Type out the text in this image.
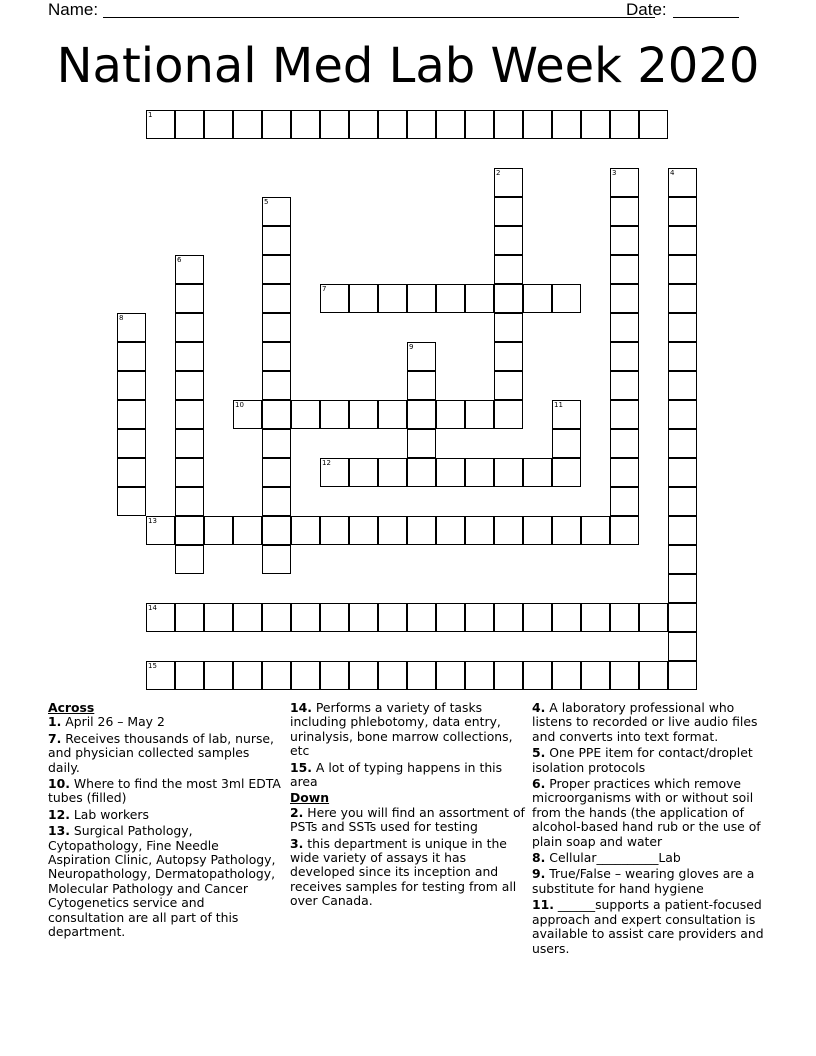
Name:	Date:
National Med Lab Week 2020
1
2	3	4
5
6
7
8
9
10	11
12
13
14
15

Across

1. April 26 – May 2

7. Receives thousands of lab, nurse, and physician collected samples daily.

10. Where to find the most 3ml EDTA tubes (filled)

12. Lab workers

13. Surgical Pathology, Cytopathology, Fine Needle Aspiration Clinic, Autopsy Pathology, Neuropathology, Dermatopathology, Molecular Pathology and Cancer Cytogenetics service and consultation are all part of this department.

14. Performs a variety of tasks including phlebotomy, data entry, urinalysis, bone marrow collections, etc

15. A lot of typing happens in this area

Down

2. Here you will find an assortment of PSTs and SSTs used for testing

3. this department is unique in the wide variety of assays it has developed since its inception and receives samples for testing from all over Canada.

4. A laboratory professional who listens to recorded or live audio files and converts into text format.

5. One PPE item for contact/droplet isolation protocols

6. Proper practices which remove microorganisms with or without soil from the hands (the application of alcohol-based hand rub or the use of plain soap and water

8. Cellular__________Lab

9. True/False – wearing gloves are a substitute for hand hygiene

11. ______supports a patient-focused approach and expert consultation is available to assist care providers and users.
